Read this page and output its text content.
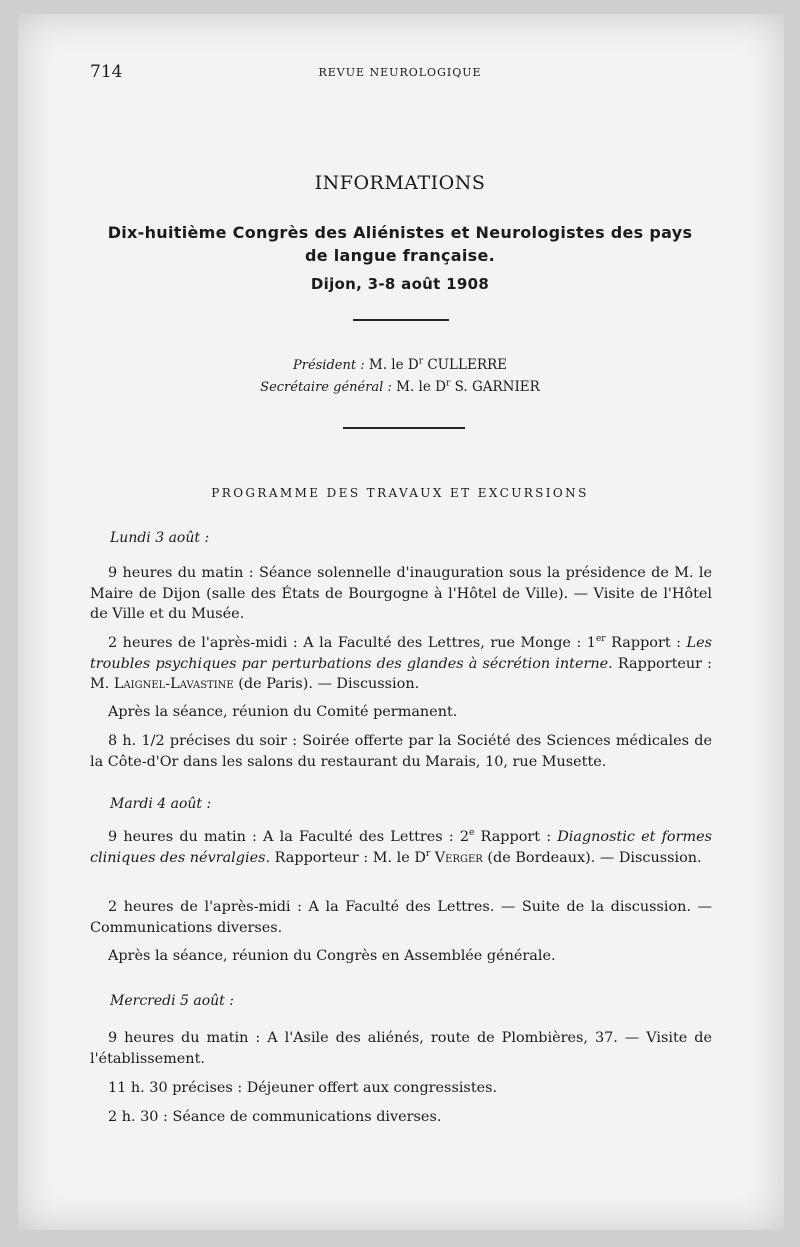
714	REVUE NEUROLOGIQUE
INFORMATIONS
Dix-huitième Congrès des Aliénistes et Neurologistes des pays
de langue française.
Dijon, 3-8 août 1908
Président : M. le $D^r$ CULLERRE
Secrétaire général : M. le $D^r$ S. GARNIER
PROGRAMME DES TRAVAUX ET EXCURSIONS
Lundi 3 août :
9 heures du matin : Séance solennelle d'inauguration sous la présidence de M. le Maire de Dijon (salle des États de Bourgogne à l'Hôtel de Ville). — Visite de l'Hôtel de Ville et du Musée.
2 heures de l'après-midi : A la Faculté des Lettres, rue Monge : 1er Rapport : Les troubles psychiques par perturbations des glandes à sécrétion interne. Rapporteur : M. Laignel-Lavastine (de Paris). — Discussion.
Après la séance, réunion du Comité permanent.
8 h. 1/2 précises du soir : Soirée offerte par la Société des Sciences médicales de la Côte-d'Or dans les salons du restaurant du Marais, 10, rue Musette.
Mardi 4 août :
9 heures du matin : A la Faculté des Lettres : 2e Rapport : Diagnostic et formes cliniques des névralgies. Rapporteur : M. le $D^r$ Verger (de Bordeaux). — Discussion.
2 heures de l'après-midi : A la Faculté des Lettres. — Suite de la discussion. — Communications diverses.
Après la séance, réunion du Congrès en Assemblée générale.
Mercredi 5 août :
9 heures du matin : A l'Asile des aliénés, route de Plombières, 37. — Visite de l'établissement.
11 h. 30 précises : Déjeuner offert aux congressistes.
2 h. 30 : Séance de communications diverses.
